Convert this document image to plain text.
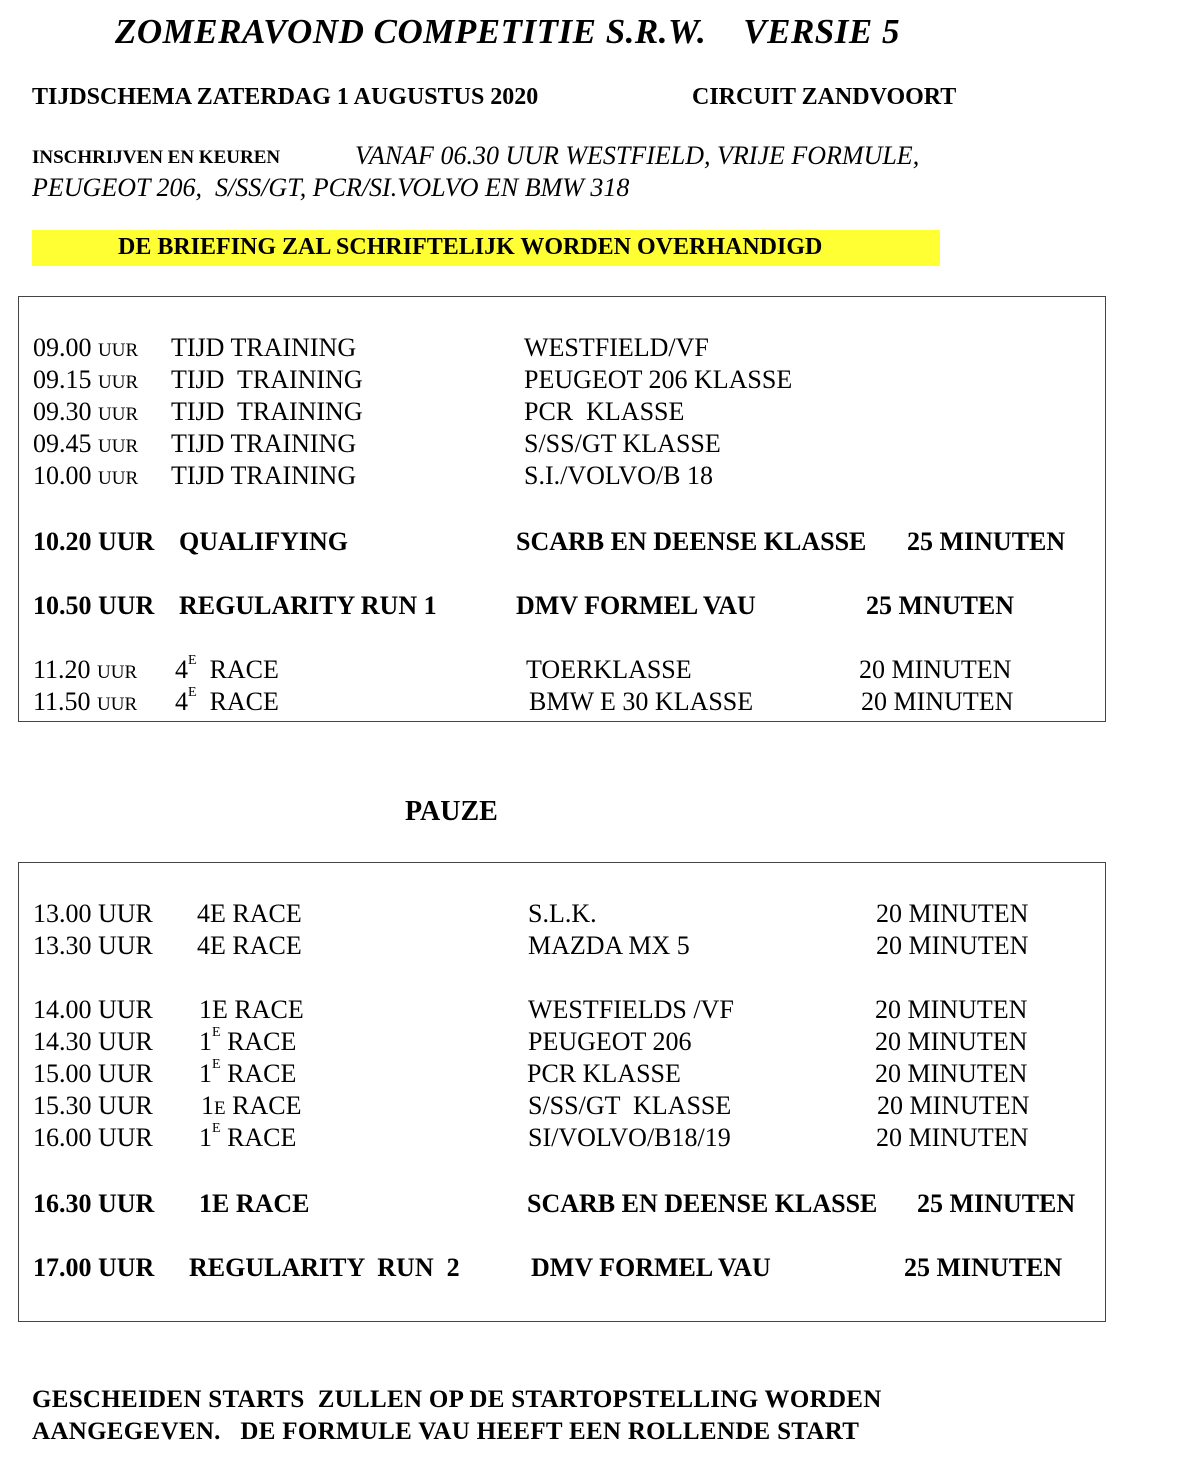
ZOMERAVOND COMPETITIE S.R.W.    VERSIE 5
TIJDSCHEMA ZATERDAG 1 AUGUSTUS 2020	CIRCUIT ZANDVOORT
INSCHRIJVEN EN KEUREN	VANAF 06.30 UUR WESTFIELD, VRIJE FORMULE,
PEUGEOT 206,  S/SS/GT, PCR/SI.VOLVO EN BMW 318
DE BRIEFING ZAL SCHRIFTELIJK WORDEN OVERHANDIGD
09.00 UUR TIJD TRAINING	WESTFIELD/VF
09.15 UUR TIJD  TRAINING	PEUGEOT 206 KLASSE
09.30 UUR TIJD  TRAINING	PCR  KLASSE
09.45 UUR TIJD TRAINING	S/SS/GT KLASSE
10.00 UUR TIJD TRAINING	S.I./VOLVO/B 18
10.20 UUR QUALIFYING	SCARB EN DEENSE KLASSE 25 MINUTEN
10.50 UUR REGULARITY RUN 1	DMV FORMEL VAU	25 MNUTEN
11.20 UUR $4^E$ RACE	TOERKLASSE	20 MINUTEN
11.50 UUR $4^E$ RACE	BMW E 30 KLASSE	20 MINUTEN
PAUZE
13.00 UUR 4E RACE	S.L.K.	20 MINUTEN
13.30 UUR 4E RACE	MAZDA MX 5	20 MINUTEN
14.00 UUR 1E RACE	WESTFIELDS /VF	20 MINUTEN
14.30 UUR $1^E$ RACE	PEUGEOT 206	20 MINUTEN
15.00 UUR $1^E$ RACE	PCR KLASSE	20 MINUTEN
15.30 UUR 1E RACE	S/SS/GT  KLASSE	20 MINUTEN
16.00 UUR $1^E$ RACE	SI/VOLVO/B18/19	20 MINUTEN
16.30 UUR 1E RACE	SCARB EN DEENSE KLASSE 25 MINUTEN
17.00 UUR REGULARITY  RUN  2	DMV FORMEL VAU	25 MINUTEN
GESCHEIDEN STARTS  ZULLEN OP DE STARTOPSTELLING WORDEN
AANGEGEVEN.   DE FORMULE VAU HEEFT EEN ROLLENDE START
